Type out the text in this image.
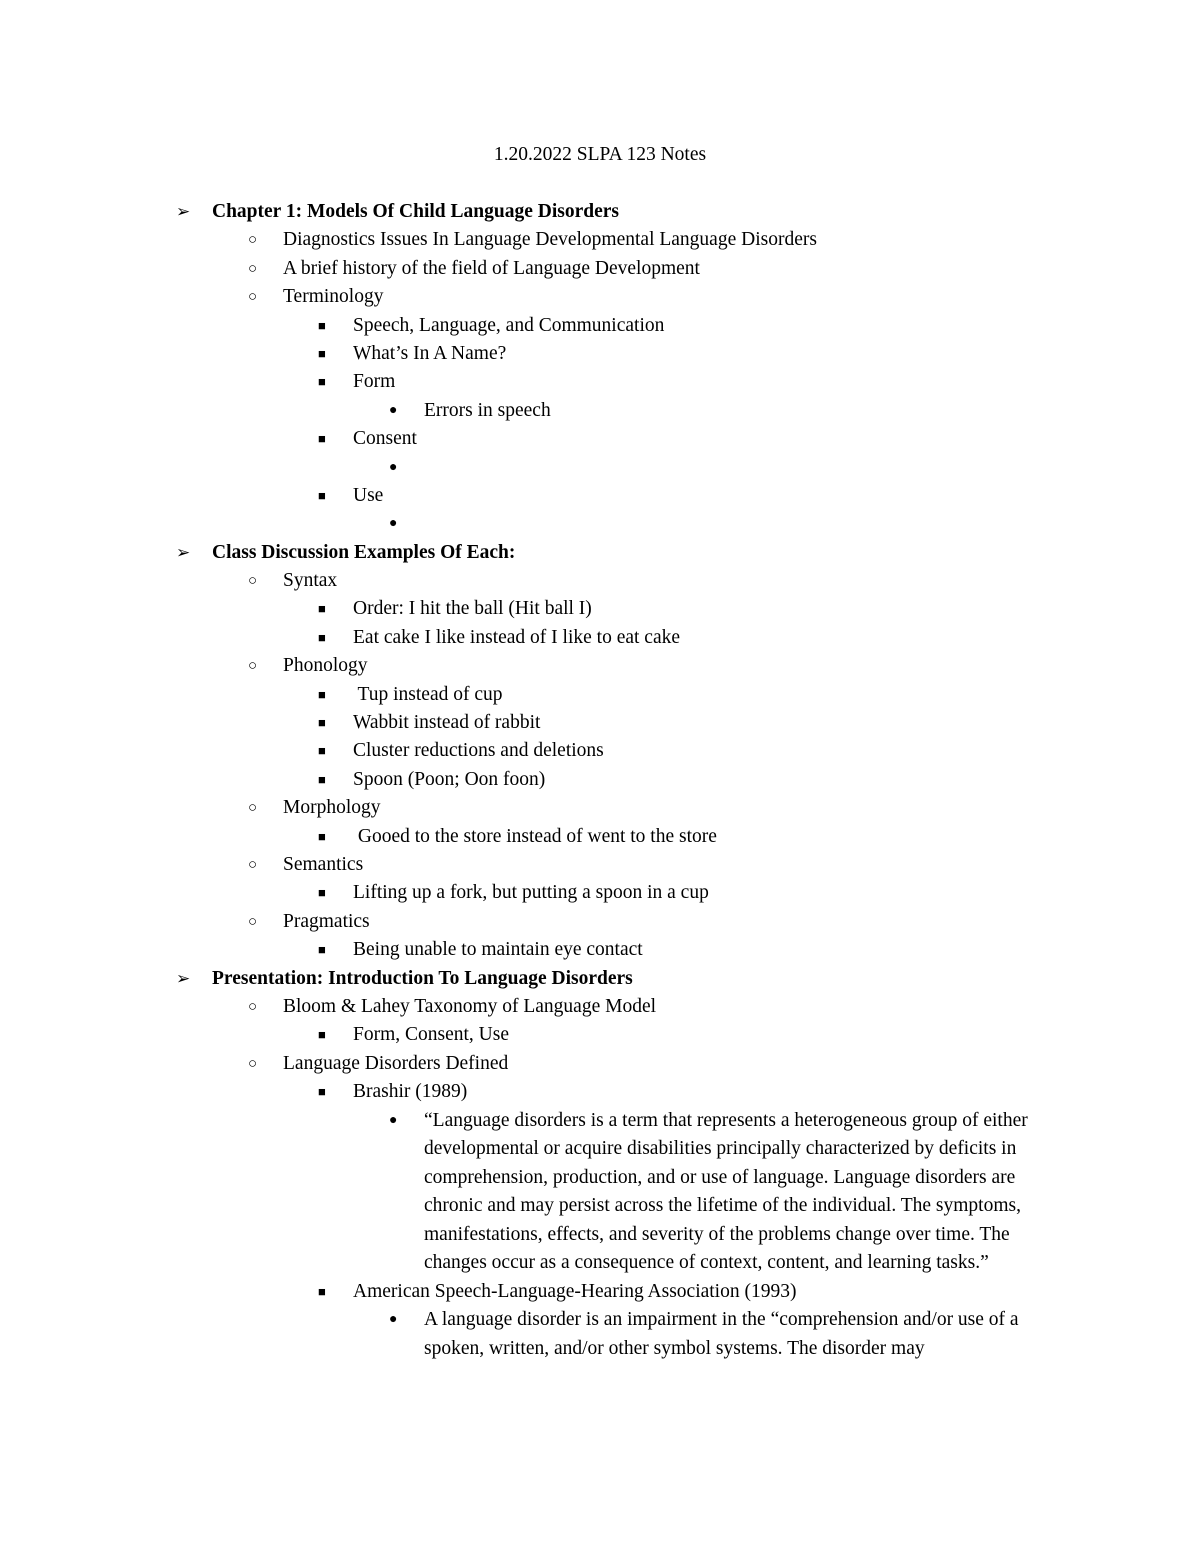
1.20.2022 SLPA 123 Notes
➢ Chapter 1: Models Of Child Language Disorders
○ Diagnostics Issues In Language Developmental Language Disorders
○ A brief history of the field of Language Development
○ Terminology
■ Speech, Language, and Communication
■ What’s In A Name?
■ Form
● Errors in speech
■ Consent
●
■ Use
●
➢ Class Discussion Examples Of Each:
○ Syntax
■ Order: I hit the ball (Hit ball I)
■ Eat cake I like instead of I like to eat cake
○ Phonology
■ Tup instead of cup
■ Wabbit instead of rabbit
■ Cluster reductions and deletions
■ Spoon (Poon; Oon foon)
○ Morphology
■ Gooed to the store instead of went to the store
○ Semantics
■ Lifting up a fork, but putting a spoon in a cup
○ Pragmatics
■ Being unable to maintain eye contact
➢ Presentation: Introduction To Language Disorders
○ Bloom & Lahey Taxonomy of Language Model
■ Form, Consent, Use
○ Language Disorders Defined
■ Brashir (1989)
● “Language disorders is a term that represents a heterogeneous group of either developmental or acquire disabilities principally characterized by deficits in comprehension, production, and or use of language. Language disorders are chronic and may persist across the lifetime of the individual. The symptoms, manifestations, effects, and severity of the problems change over time. The changes occur as a consequence of context, content, and learning tasks.”
■ American Speech-Language-Hearing Association (1993)
● A language disorder is an impairment in the “comprehension and/or use of a spoken, written, and/or other symbol systems. The disorder may
